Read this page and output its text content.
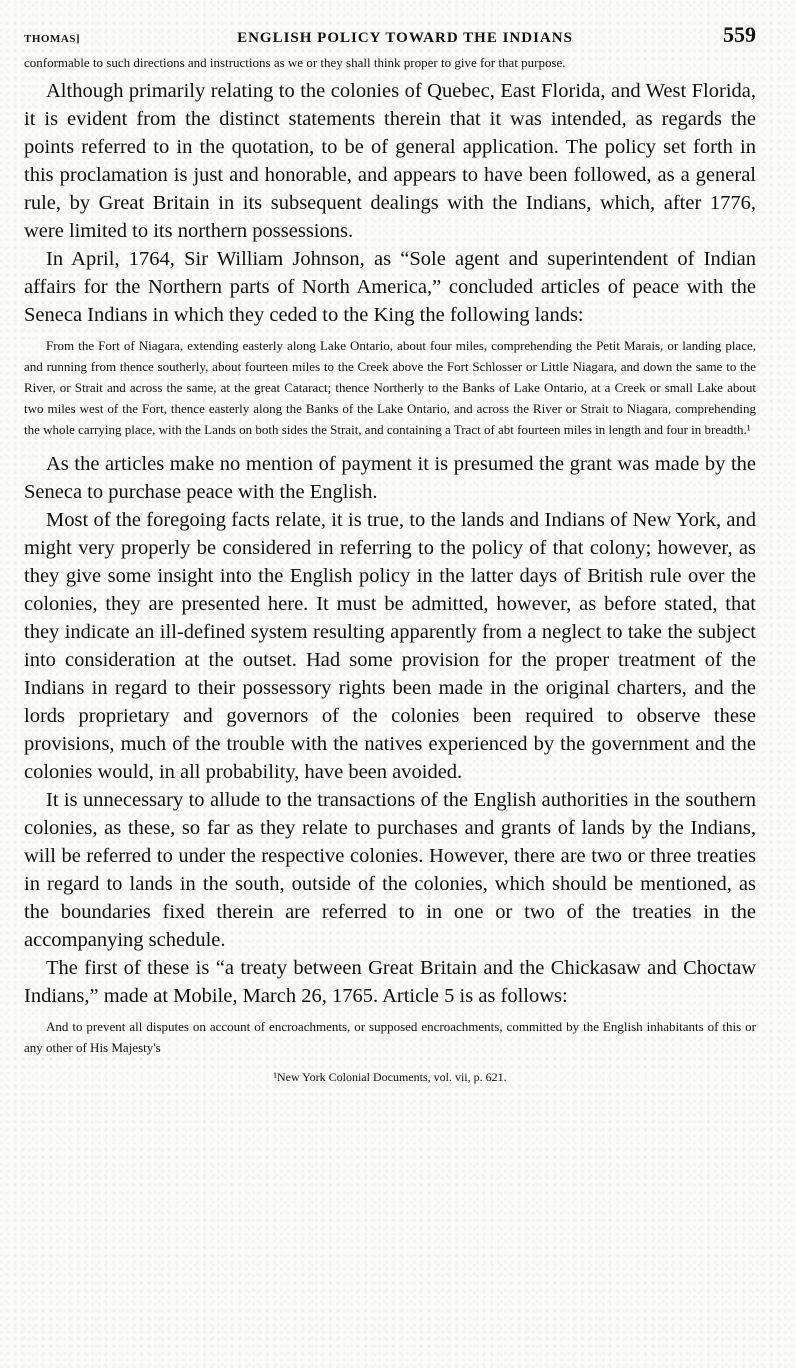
THOMAS]	ENGLISH POLICY TOWARD THE INDIANS	559

conformable to such directions and instructions as we or they shall think proper to give for that purpose.

Although primarily relating to the colonies of Quebec, East Florida, and West Florida, it is evident from the distinct statements therein that it was intended, as regards the points referred to in the quotation, to be of general application. The policy set forth in this proclamation is just and honorable, and appears to have been followed, as a general rule, by Great Britain in its subsequent dealings with the Indians, which, after 1776, were limited to its northern possessions.

In April, 1764, Sir William Johnson, as “Sole agent and superintendent of Indian affairs for the Northern parts of North America,” concluded articles of peace with the Seneca Indians in which they ceded to the King the following lands:

From the Fort of Niagara, extending easterly along Lake Ontario, about four miles, comprehending the Petit Marais, or landing place, and running from thence southerly, about fourteen miles to the Creek above the Fort Schlosser or Little Niagara, and down the same to the River, or Strait and across the same, at the great Cataract; thence Northerly to the Banks of Lake Ontario, at a Creek or small Lake about two miles west of the Fort, thence easterly along the Banks of the Lake Ontario, and across the River or Strait to Niagara, comprehending the whole carrying place, with the Lands on both sides the Strait, and containing a Tract of abt fourteen miles in length and four in breadth.¹

As the articles make no mention of payment it is presumed the grant was made by the Seneca to purchase peace with the English.

Most of the foregoing facts relate, it is true, to the lands and Indians of New York, and might very properly be considered in referring to the policy of that colony; however, as they give some insight into the English policy in the latter days of British rule over the colonies, they are presented here. It must be admitted, however, as before stated, that they indicate an ill-defined system resulting apparently from a neglect to take the subject into consideration at the outset. Had some provision for the proper treatment of the Indians in regard to their possessory rights been made in the original charters, and the lords proprietary and governors of the colonies been required to observe these provisions, much of the trouble with the natives experienced by the government and the colonies would, in all probability, have been avoided.

It is unnecessary to allude to the transactions of the English authorities in the southern colonies, as these, so far as they relate to purchases and grants of lands by the Indians, will be referred to under the respective colonies. However, there are two or three treaties in regard to lands in the south, outside of the colonies, which should be mentioned, as the boundaries fixed therein are referred to in one or two of the treaties in the accompanying schedule.

The first of these is “a treaty between Great Britain and the Chickasaw and Choctaw Indians,” made at Mobile, March 26, 1765. Article 5 is as follows:

And to prevent all disputes on account of encroachments, or supposed encroachments, committed by the English inhabitants of this or any other of His Majesty's

¹New York Colonial Documents, vol. vii, p. 621.
